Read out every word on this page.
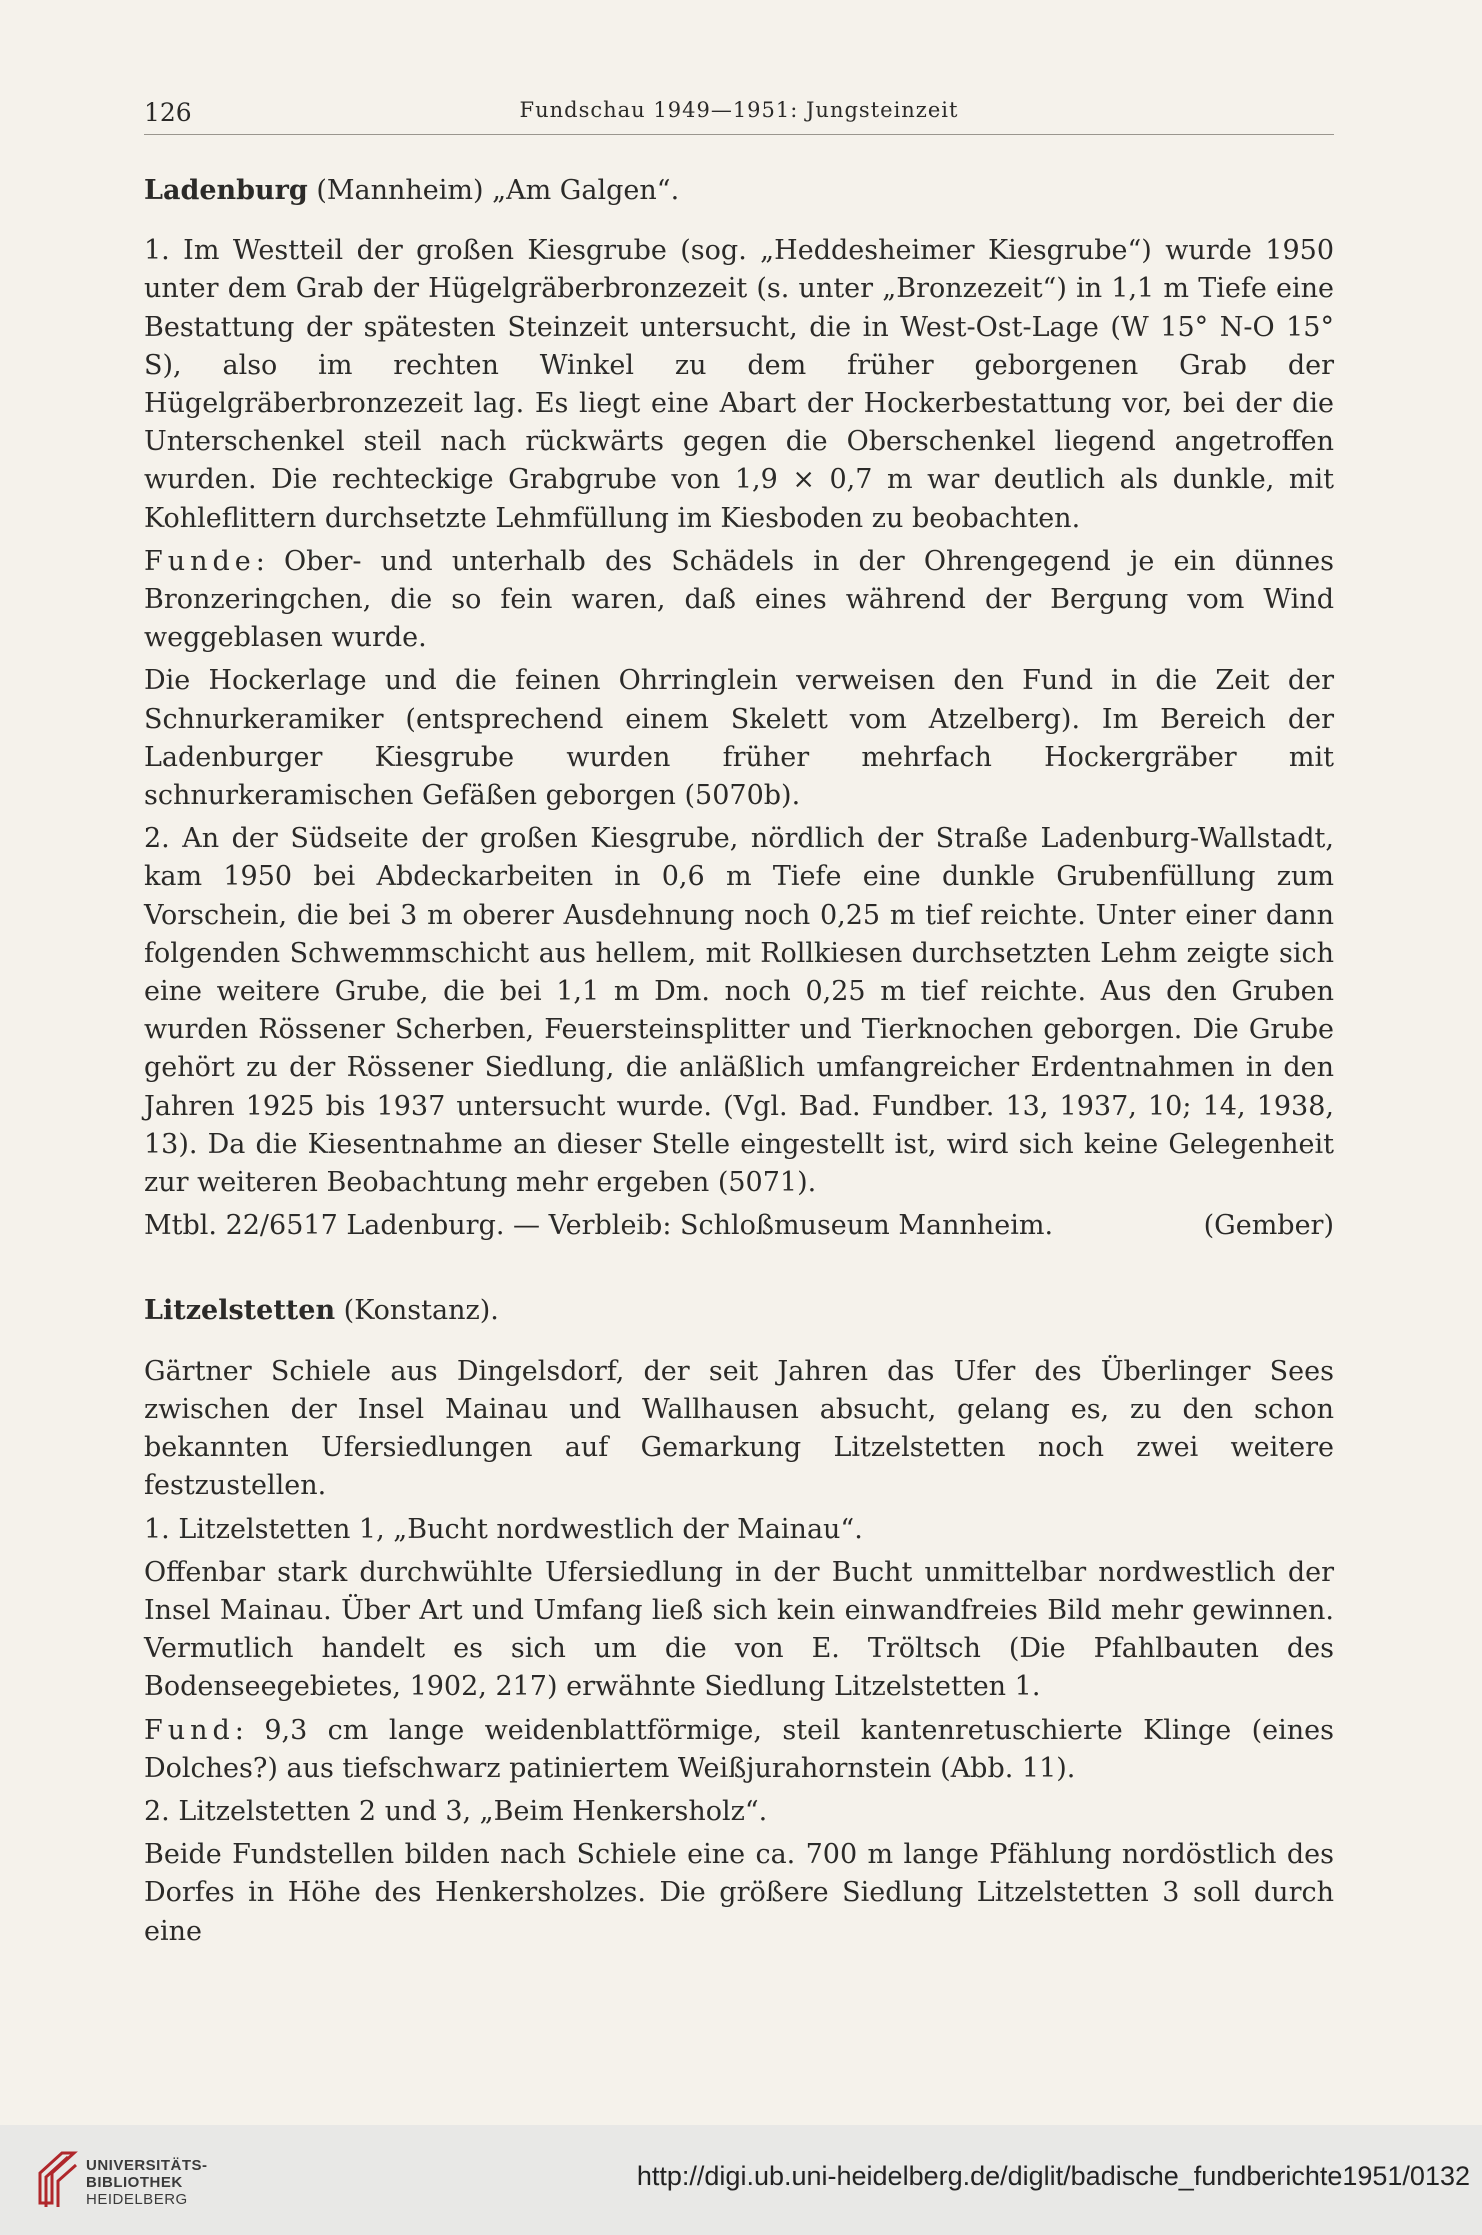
126	Fundschau 1949—1951: Jungsteinzeit

Ladenburg (Mannheim) „Am Galgen“.

1. Im Westteil der großen Kiesgrube (sog. „Heddesheimer Kiesgrube“) wurde 1950 unter dem Grab der Hügelgräberbronzezeit (s. unter „Bronzezeit“) in 1,1 m Tiefe eine Bestattung der spätesten Steinzeit untersucht, die in West-Ost-Lage (W 15° N-O 15° S), also im rechten Winkel zu dem früher geborgenen Grab der Hügelgräberbronzezeit lag. Es liegt eine Abart der Hockerbestattung vor, bei der die Unterschenkel steil nach rückwärts gegen die Oberschenkel liegend angetroffen wurden. Die rechteckige Grabgrube von 1,9 × 0,7 m war deutlich als dunkle, mit Kohleflittern durchsetzte Lehmfüllung im Kiesboden zu beobachten.

Funde: Ober- und unterhalb des Schädels in der Ohrengegend je ein dünnes Bronzeringchen, die so fein waren, daß eines während der Bergung vom Wind weggeblasen wurde.

Die Hockerlage und die feinen Ohrringlein verweisen den Fund in die Zeit der Schnurkeramiker (entsprechend einem Skelett vom Atzelberg). Im Bereich der Ladenburger Kiesgrube wurden früher mehrfach Hockergräber mit schnurkeramischen Gefäßen geborgen (5070b).

2. An der Südseite der großen Kiesgrube, nördlich der Straße Ladenburg-Wallstadt, kam 1950 bei Abdeckarbeiten in 0,6 m Tiefe eine dunkle Grubenfüllung zum Vorschein, die bei 3 m oberer Ausdehnung noch 0,25 m tief reichte. Unter einer dann folgenden Schwemmschicht aus hellem, mit Rollkiesen durchsetzten Lehm zeigte sich eine weitere Grube, die bei 1,1 m Dm. noch 0,25 m tief reichte. Aus den Gruben wurden Rössener Scherben, Feuersteinsplitter und Tierknochen geborgen. Die Grube gehört zu der Rössener Siedlung, die anläßlich umfangreicher Erdentnahmen in den Jahren 1925 bis 1937 untersucht wurde. (Vgl. Bad. Fundber. 13, 1937, 10; 14, 1938, 13). Da die Kiesentnahme an dieser Stelle eingestellt ist, wird sich keine Gelegenheit zur weiteren Beobachtung mehr ergeben (5071).

Mtbl. 22/6517 Ladenburg. — Verbleib: Schloßmuseum Mannheim.	(Gember)

Litzelstetten (Konstanz).

Gärtner Schiele aus Dingelsdorf, der seit Jahren das Ufer des Überlinger Sees zwischen der Insel Mainau und Wallhausen absucht, gelang es, zu den schon bekannten Ufersiedlungen auf Gemarkung Litzelstetten noch zwei weitere festzustellen.

1. Litzelstetten 1, „Bucht nordwestlich der Mainau“.

Offenbar stark durchwühlte Ufersiedlung in der Bucht unmittelbar nordwestlich der Insel Mainau. Über Art und Umfang ließ sich kein einwandfreies Bild mehr gewinnen. Vermutlich handelt es sich um die von E. Tröltsch (Die Pfahlbauten des Bodenseegebietes, 1902, 217) erwähnte Siedlung Litzelstetten 1.

Fund: 9,3 cm lange weidenblattförmige, steil kantenretuschierte Klinge (eines Dolches?) aus tiefschwarz patiniertem Weißjurahornstein (Abb. 11).

2. Litzelstetten 2 und 3, „Beim Henkersholz“.

Beide Fundstellen bilden nach Schiele eine ca. 700 m lange Pfählung nordöstlich des Dorfes in Höhe des Henkersholzes. Die größere Siedlung Litzelstetten 3 soll durch eine

UNIVERSITÄTS-
BIBLIOTHEK
HEIDELBERG
http://digi.ub.uni-heidelberg.de/diglit/badische_fundberichte1951/0132
